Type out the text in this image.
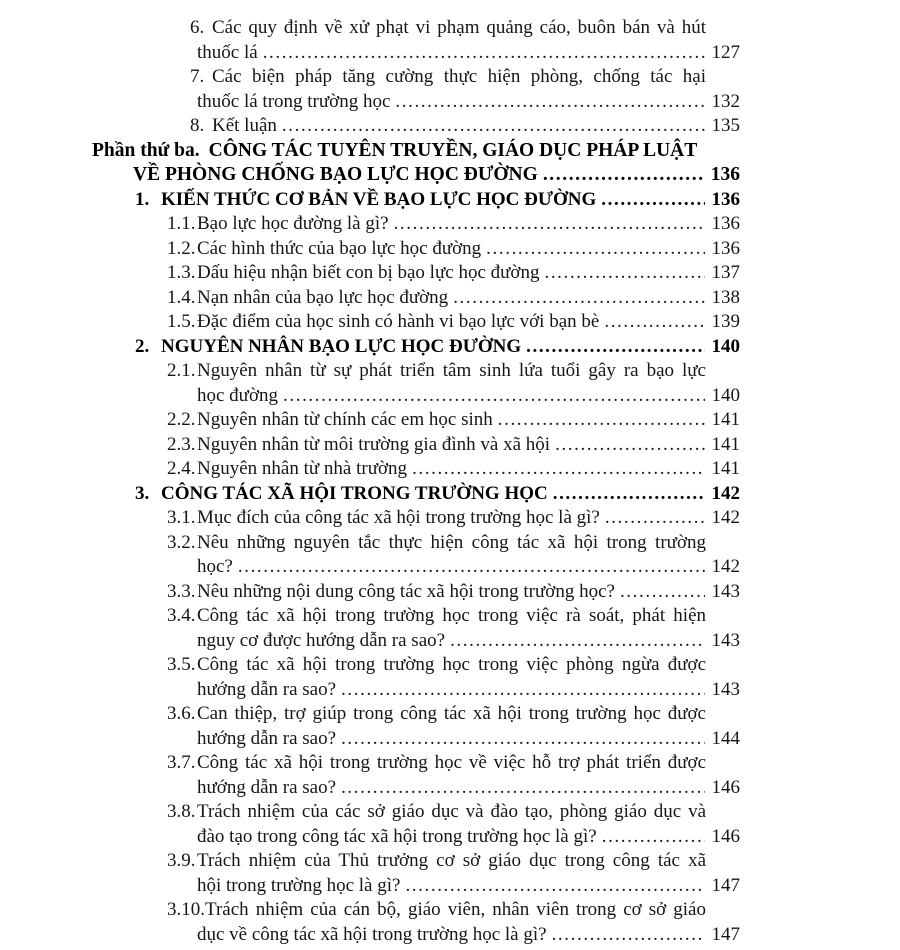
6. Các quy định về xử phạt vi phạm quảng cáo, buôn bán và hút
thuốc lá .....	127
7. Các biện pháp tăng cường thực hiện phòng, chống tác hại
thuốc lá trong trường học .....	132
8. Kết luận .....	135
Phần thứ ba. CÔNG TÁC TUYÊN TRUYỀN, GIÁO DỤC PHÁP LUẬT
VỀ PHÒNG CHỐNG BẠO LỰC HỌC ĐƯỜNG .....	136
1. KIẾN THỨC CƠ BẢN VỀ BẠO LỰC HỌC ĐƯỜNG .....	136
1.1. Bạo lực học đường là gì? .....	136
1.2. Các hình thức của bạo lực học đường .....	136
1.3. Dấu hiệu nhận biết con bị bạo lực học đường .....	137
1.4. Nạn nhân của bạo lực học đường .....	138
1.5. Đặc điểm của học sinh có hành vi bạo lực với bạn bè .....	139
2. NGUYÊN NHÂN BẠO LỰC HỌC ĐƯỜNG .....	140
2.1. Nguyên nhân từ sự phát triển tâm sinh lứa tuổi gây ra bạo lực
học đường .....	140
2.2. Nguyên nhân từ chính các em học sinh .....	141
2.3. Nguyên nhân từ môi trường gia đình và xã hội .....	141
2.4. Nguyên nhân từ nhà trường .....	141
3. CÔNG TÁC XÃ HỘI TRONG TRƯỜNG HỌC .....	142
3.1. Mục đích của công tác xã hội trong trường học là gì? .....	142
3.2. Nêu những nguyên tắc thực hiện công tác xã hội trong trường
học? .....	142
3.3. Nêu những nội dung công tác xã hội trong trường học? .....	143
3.4. Công tác xã hội trong trường học trong việc rà soát, phát hiện
nguy cơ được hướng dẫn ra sao? .....	143
3.5. Công tác xã hội trong trường học trong việc phòng ngừa được
hướng dẫn ra sao? .....	143
3.6. Can thiệp, trợ giúp trong công tác xã hội trong trường học được
hướng dẫn ra sao? .....	144
3.7. Công tác xã hội trong trường học về việc hỗ trợ phát triển được
hướng dẫn ra sao? .....	146
3.8. Trách nhiệm của các sở giáo dục và đào tạo, phòng giáo dục và
đào tạo trong công tác xã hội trong trường học là gì? .....	146
3.9. Trách nhiệm của Thủ trưởng cơ sở giáo dục trong công tác xã
hội trong trường học là gì? .....	147
3.10. Trách nhiệm của cán bộ, giáo viên, nhân viên trong cơ sở giáo
dục về công tác xã hội trong trường học là gì? .....	147
